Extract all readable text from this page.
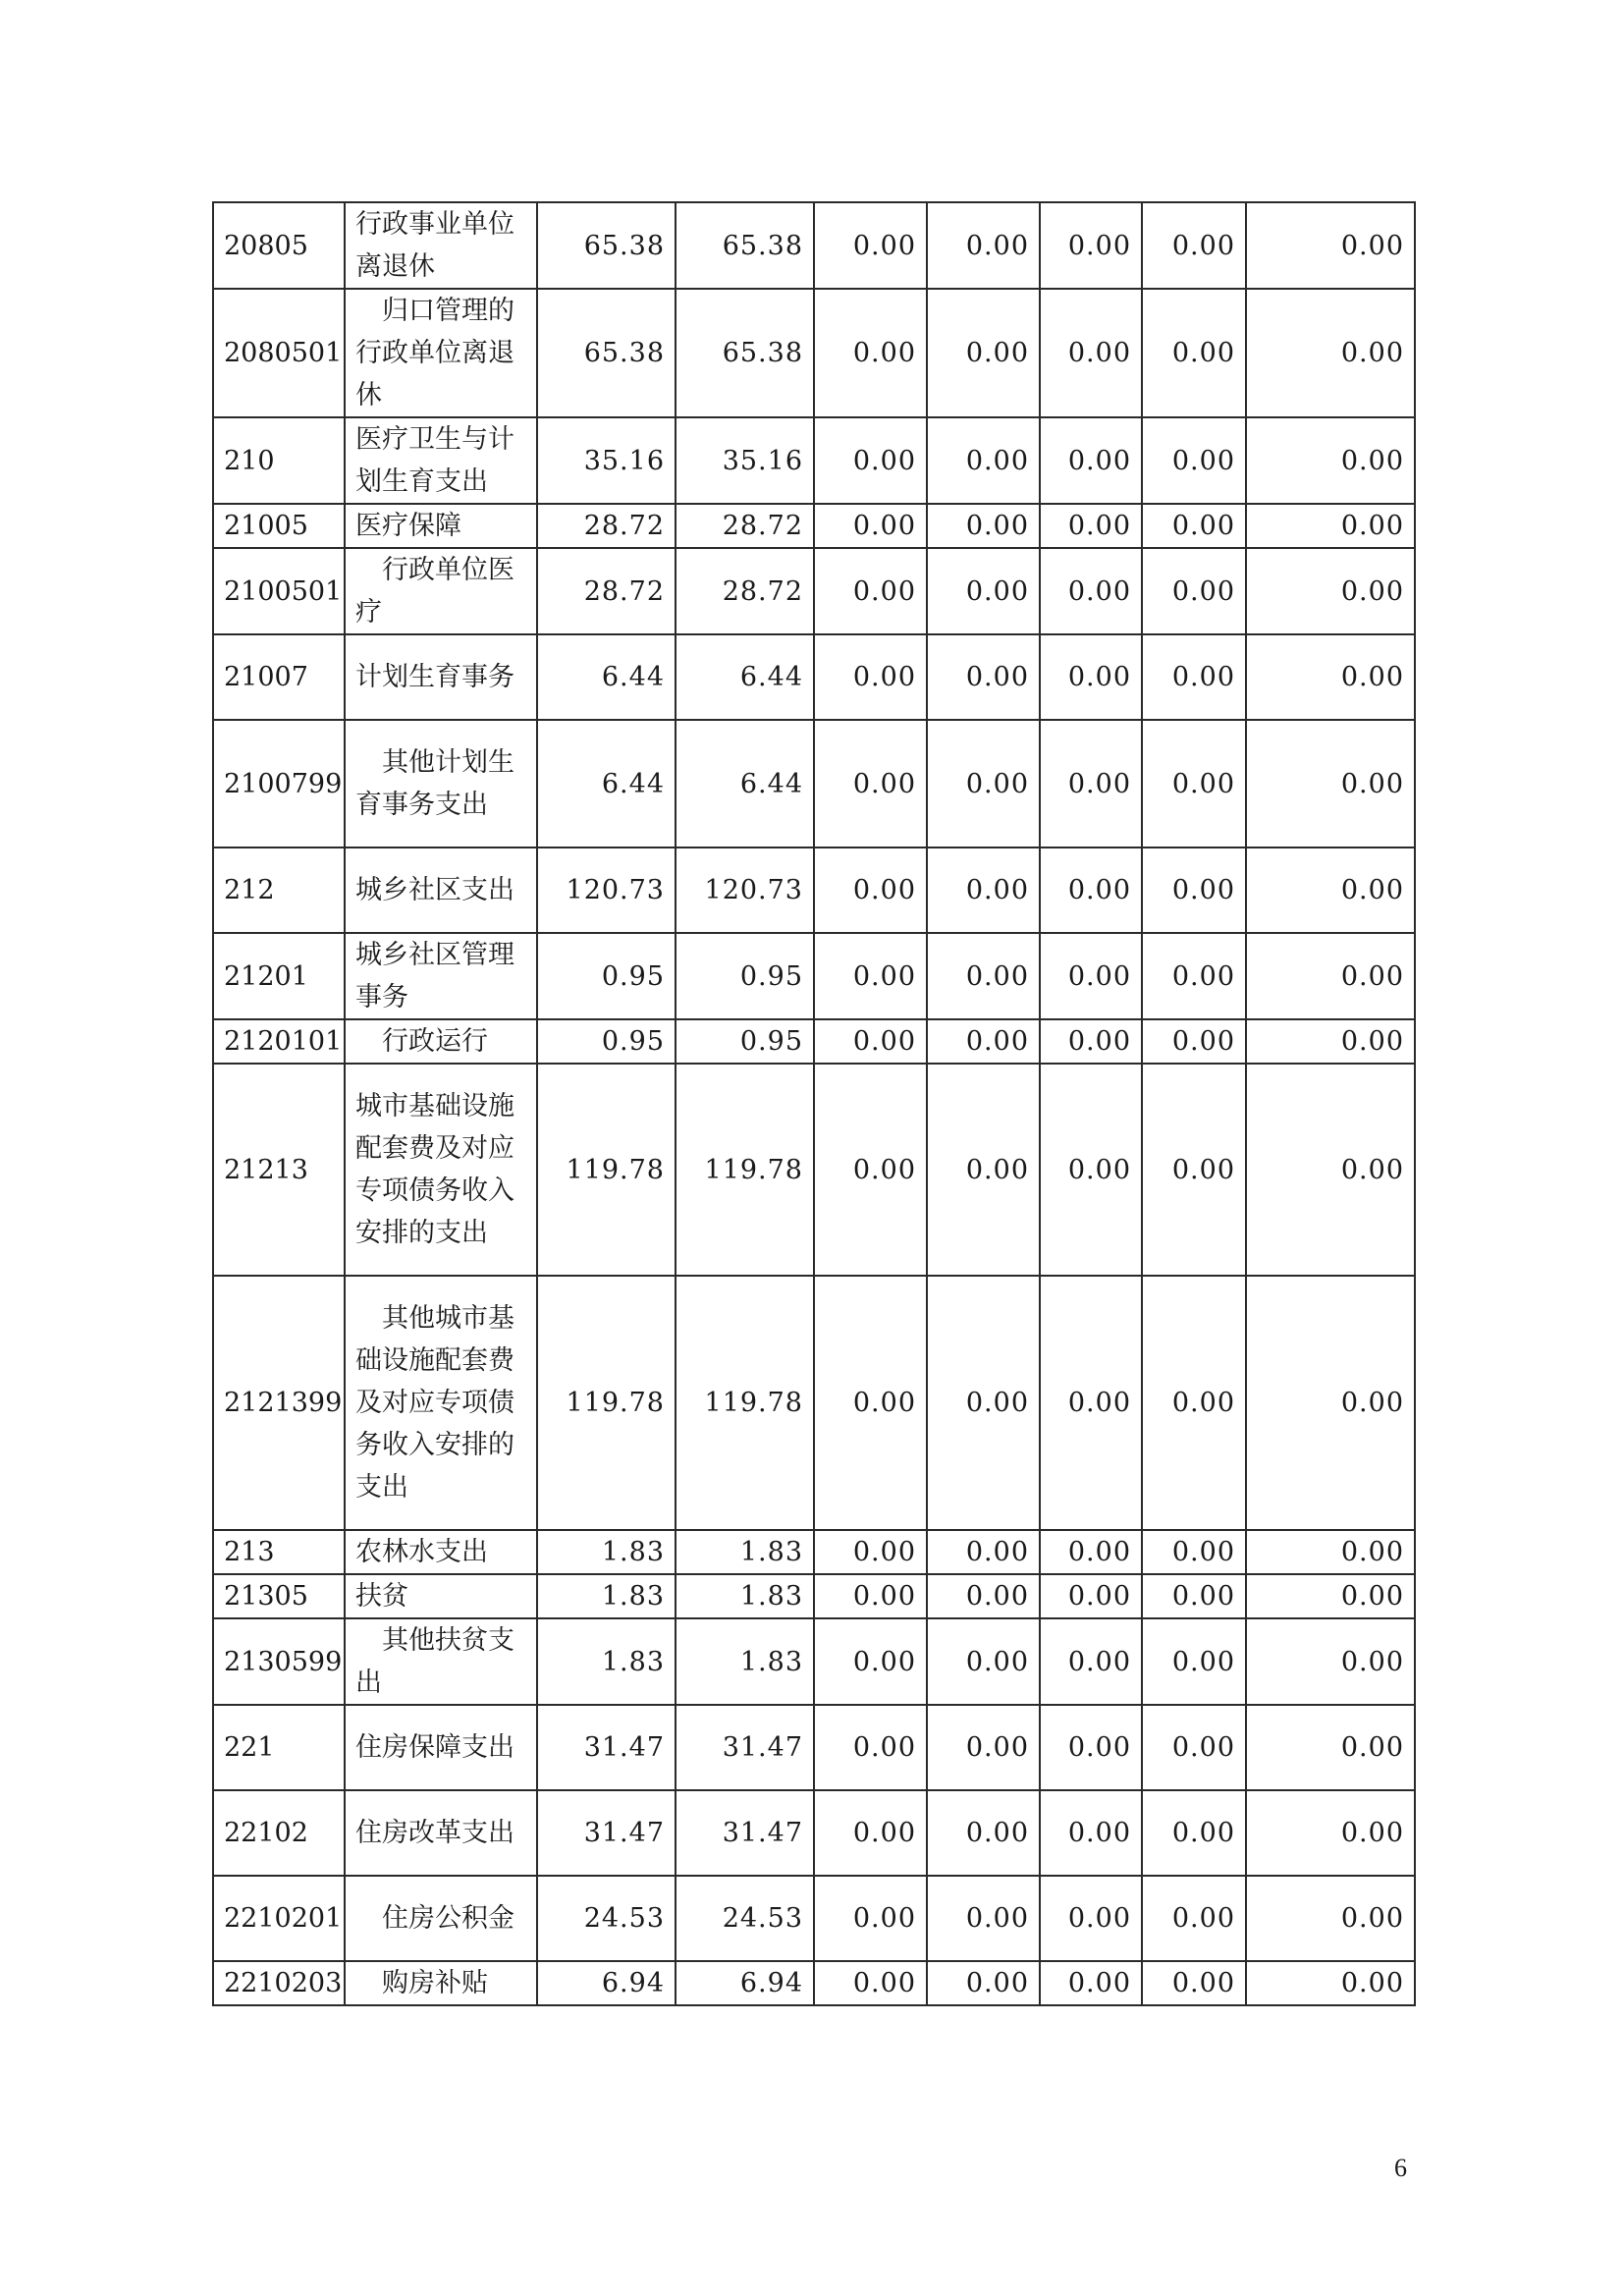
20805	行政事业单位离退休	65.38	65.38	0.00	0.00	0.00	0.00	0.00
2080501	归口管理的行政单位离退休	65.38	65.38	0.00	0.00	0.00	0.00	0.00
210	医疗卫生与计划生育支出	35.16	35.16	0.00	0.00	0.00	0.00	0.00
21005	医疗保障	28.72	28.72	0.00	0.00	0.00	0.00	0.00
2100501	行政单位医疗	28.72	28.72	0.00	0.00	0.00	0.00	0.00
21007	计划生育事务	6.44	6.44	0.00	0.00	0.00	0.00	0.00
2100799	其他计划生育事务支出	6.44	6.44	0.00	0.00	0.00	0.00	0.00
212	城乡社区支出	120.73	120.73	0.00	0.00	0.00	0.00	0.00
21201	城乡社区管理事务	0.95	0.95	0.00	0.00	0.00	0.00	0.00
2120101	行政运行	0.95	0.95	0.00	0.00	0.00	0.00	0.00
21213	城市基础设施配套费及对应专项债务收入安排的支出	119.78	119.78	0.00	0.00	0.00	0.00	0.00
2121399	其他城市基础设施配套费及对应专项债务收入安排的支出	119.78	119.78	0.00	0.00	0.00	0.00	0.00
213	农林水支出	1.83	1.83	0.00	0.00	0.00	0.00	0.00
21305	扶贫	1.83	1.83	0.00	0.00	0.00	0.00	0.00
2130599	其他扶贫支出	1.83	1.83	0.00	0.00	0.00	0.00	0.00
221	住房保障支出	31.47	31.47	0.00	0.00	0.00	0.00	0.00
22102	住房改革支出	31.47	31.47	0.00	0.00	0.00	0.00	0.00
2210201	住房公积金	24.53	24.53	0.00	0.00	0.00	0.00	0.00
2210203	购房补贴	6.94	6.94	0.00	0.00	0.00	0.00	0.00
6
